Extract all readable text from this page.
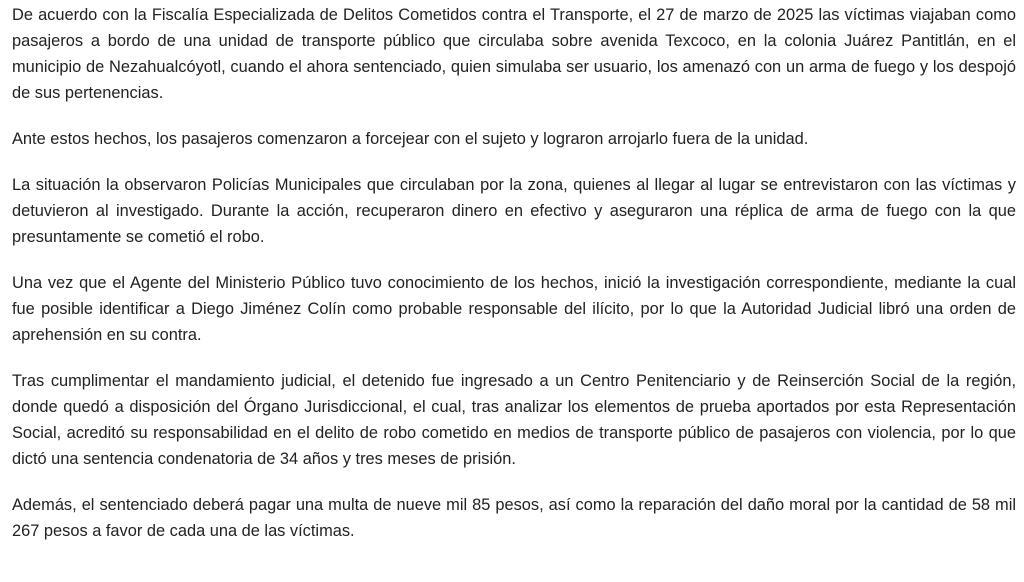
De acuerdo con la Fiscalía Especializada de Delitos Cometidos contra el Transporte, el 27 de marzo de 2025 las víctimas viajaban como pasajeros a bordo de una unidad de transporte público que circulaba sobre avenida Texcoco, en la colonia Juárez Pantitlán, en el municipio de Nezahualcóyotl, cuando el ahora sentenciado, quien simulaba ser usuario, los amenazó con un arma de fuego y los despojó de sus pertenencias.

Ante estos hechos, los pasajeros comenzaron a forcejear con el sujeto y lograron arrojarlo fuera de la unidad.

La situación la observaron Policías Municipales que circulaban por la zona, quienes al llegar al lugar se entrevistaron con las víctimas y detuvieron al investigado. Durante la acción, recuperaron dinero en efectivo y aseguraron una réplica de arma de fuego con la que presuntamente se cometió el robo.

Una vez que el Agente del Ministerio Público tuvo conocimiento de los hechos, inició la investigación correspondiente, mediante la cual fue posible identificar a Diego Jiménez Colín como probable responsable del ilícito, por lo que la Autoridad Judicial libró una orden de aprehensión en su contra.

Tras cumplimentar el mandamiento judicial, el detenido fue ingresado a un Centro Penitenciario y de Reinserción Social de la región, donde quedó a disposición del Órgano Jurisdiccional, el cual, tras analizar los elementos de prueba aportados por esta Representación Social, acreditó su responsabilidad en el delito de robo cometido en medios de transporte público de pasajeros con violencia, por lo que dictó una sentencia condenatoria de 34 años y tres meses de prisión.

Además, el sentenciado deberá pagar una multa de nueve mil 85 pesos, así como la reparación del daño moral por la cantidad de 58 mil 267 pesos a favor de cada una de las víctimas.
